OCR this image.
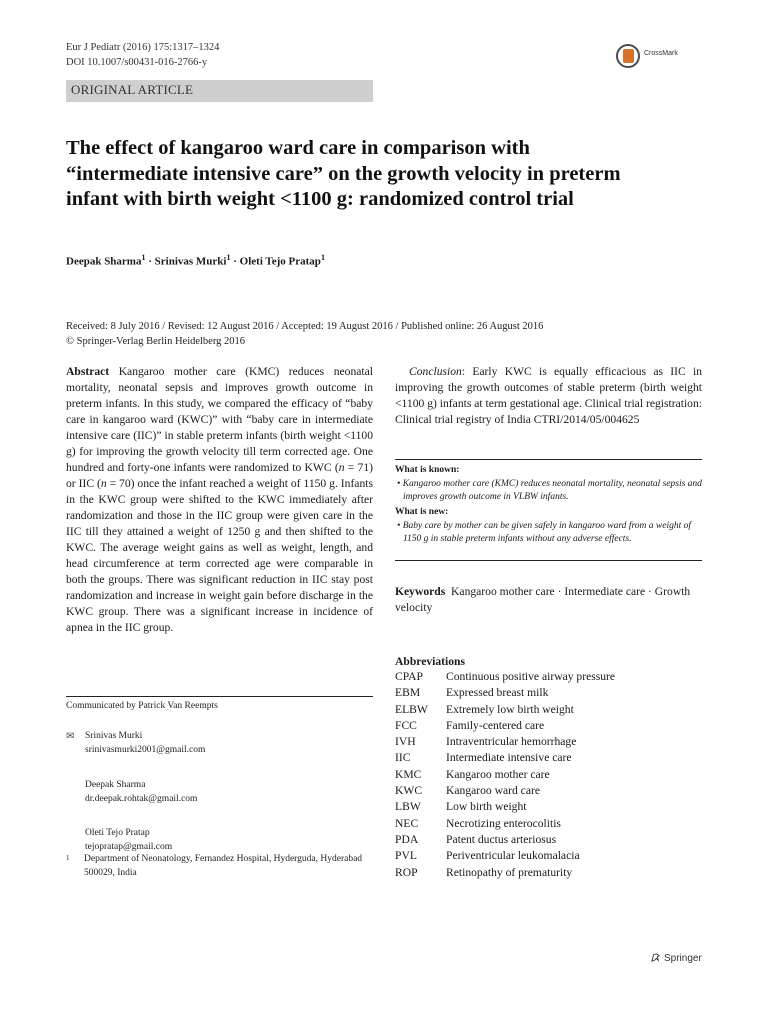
Eur J Pediatr (2016) 175:1317–1324
DOI 10.1007/s00431-016-2766-y
CrossMark
ORIGINAL ARTICLE
The effect of kangaroo ward care in comparison with “intermediate intensive care” on the growth velocity in preterm infant with birth weight <1100 g: randomized control trial
Deepak Sharma$^1$ · Srinivas Murki$^1$ · Oleti Tejo Pratap$^1$
Received: 8 July 2016 / Revised: 12 August 2016 / Accepted: 19 August 2016 / Published online: 26 August 2016
© Springer-Verlag Berlin Heidelberg 2016
Abstract Kangaroo mother care (KMC) reduces neonatal mortality, neonatal sepsis and improves growth outcome in preterm infants. In this study, we compared the efficacy of “baby care in kangaroo ward (KWC)” with “baby care in intermediate intensive care (IIC)” in stable preterm infants (birth weight <1100 g) for improving the growth velocity till term corrected age. One hundred and forty-one infants were randomized to KWC (n = 71) or IIC (n = 70) once the infant reached a weight of 1150 g. Infants in the KWC group were shifted to the KWC immediately after randomization and those in the IIC group were given care in the IIC till they attained a weight of 1250 g and then shifted to the KWC. The average weight gains as well as weight, length, and head circumference at term corrected age were comparable in both the groups. There was significant reduction in IIC stay post randomization and increase in weight gain before discharge in the KWC group. There was a significant increase in incidence of apnea in the IIC group.
Communicated by Patrick Van Reempts
✉ Srinivas Murki
srinivasmurki2001@gmail.com
Deepak Sharma
dr.deepak.rohtak@gmail.com
Oleti Tejo Pratap
tejopratap@gmail.com
1 Department of Neonatology, Fernandez Hospital, Hyderguda, Hyderabad 500029, India
Conclusion: Early KWC is equally efficacious as IIC in improving the growth outcomes of stable preterm (birth weight <1100 g) infants at term gestational age. Clinical trial registration: Clinical trial registry of India CTRI/2014/05/004625
What is known:
• Kangaroo mother care (KMC) reduces neonatal mortality, neonatal sepsis and improves growth outcome in VLBW infants.
What is new:
• Baby care by mother can be given safely in kangaroo ward from a weight of 1150 g in stable preterm infants without any adverse effects.
Keywords Kangaroo mother care · Intermediate care · Growth velocity
Abbreviations
CPAP	Continuous positive airway pressure
EBM	Expressed breast milk
ELBW	Extremely low birth weight
FCC	Family-centered care
IVH	Intraventricular hemorrhage
IIC	Intermediate intensive care
KMC	Kangaroo mother care
KWC	Kangaroo ward care
LBW	Low birth weight
NEC	Necrotizing enterocolitis
PDA	Patent ductus arteriosus
PVL	Periventricular leukomalacia
ROP	Retinopathy of prematurity
Springer
